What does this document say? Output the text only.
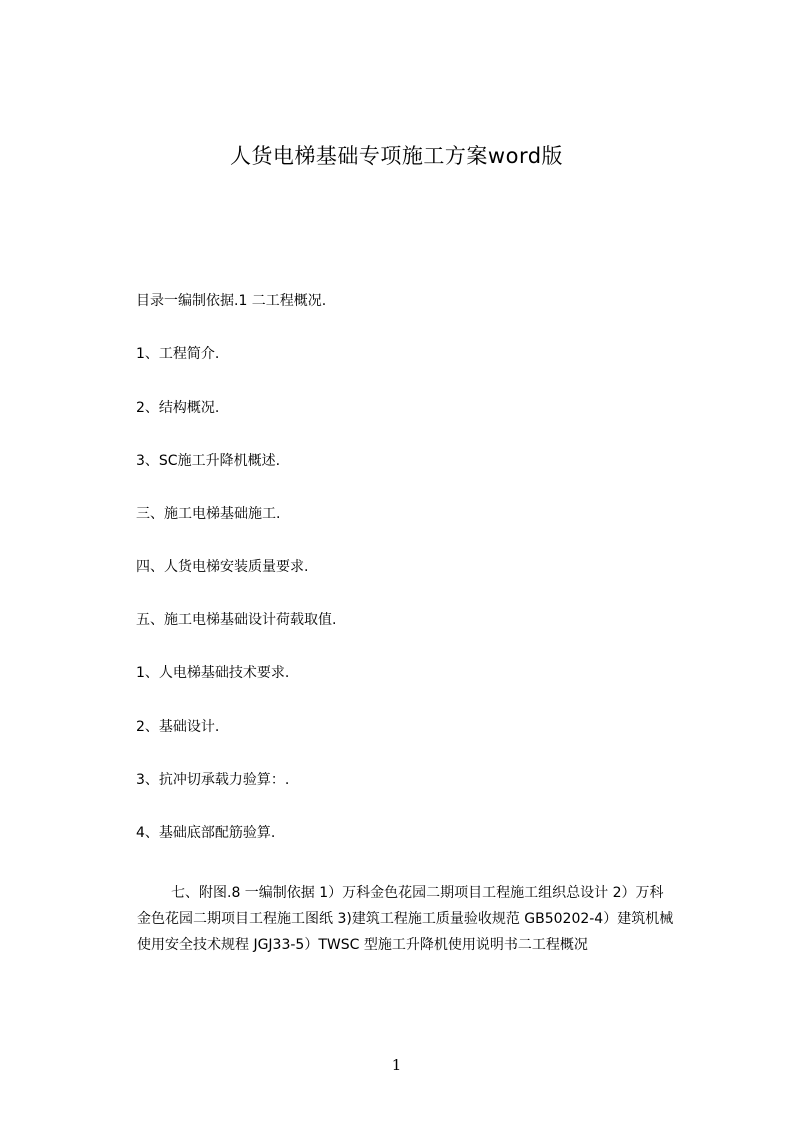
人货电梯基础专项施工方案word版
目录一编制依据.1 二工程概况.
1、工程简介.
2、结构概况.
3、SC施工升降机概述.
三、施工电梯基础施工.
四、人货电梯安装质量要求.
五、施工电梯基础设计荷载取值.
1、人电梯基础技术要求.
2、基础设计.
3、抗冲切承载力验算：.
4、基础底部配筋验算.
七、附图.8 一编制依据 1）万科金色花园二期项目工程施工组织总设计 2）万科
金色花园二期项目工程施工图纸 3)建筑工程施工质量验收规范 GB50202-4）建筑机械
使用安全技术规程 JGJ33-5）TWSC 型施工升降机使用说明书二工程概况
1
